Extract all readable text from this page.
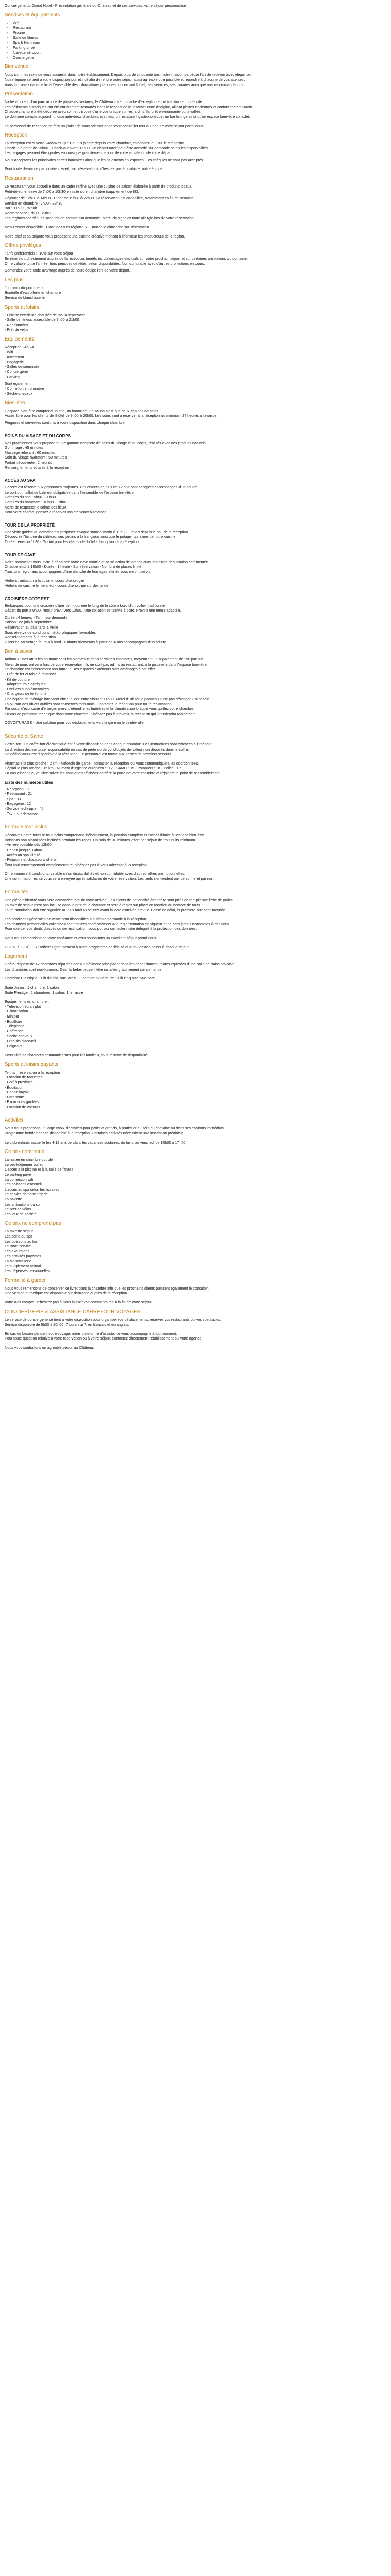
Conciergerie du Grand Hotel - Présentation générale du Château et de ses services, votre séjour personnalisé

Services et équipements
• Wifi
• Restaurant
• Piscine
• Salle de fitness
• Spa & Hammam
• Parking privé
• Navette aéroport
• Conciergerie
Bienvenue

Nous sommes ravis de vous accueillir dans notre établissement. Depuis plus de cinquante ans, notre maison perpétue l'art de recevoir avec élégance.

Notre équipe se tient à votre disposition jour et nuit afin de rendre votre séjour aussi agréable que possible et répondre à chacune de vos attentes.

Vous trouverez dans ce livret l'ensemble des informations pratiques concernant l'hôtel, ses services, ses horaires ainsi que nos recommandations.

Présentation

Niché au cœur d'un parc arboré de plusieurs hectares, le Château offre un cadre d'exception entre tradition et modernité.

Les bâtiments historiques ont été entièrement restaurés dans le respect de leur architecture d'origine, alliant pierres anciennes et confort contemporain.

Chaque chambre a été décorée avec soin et dispose d'une vue unique sur les jardins, la forêt environnante ou la vallée.

Le domaine compte aujourd'hui quarante-deux chambres et suites, un restaurant gastronomique, un bar lounge ainsi qu'un espace bien-être complet.

Le personnel de réception se fera un plaisir de vous orienter et de vous conseiller tout au long de votre séjour parmi nous.

Réception

La réception est ouverte 24h/24 et 7j/7. Pour la joindre depuis votre chambre, composez le 9 sur le téléphone.

Check-in à partir de 15h00 - Check-out avant 11h00. Un départ tardif peut être accordé sur demande selon les disponibilités.

Les bagages peuvent être gardés en consigne gratuitement le jour de votre arrivée ou de votre départ.

Nous acceptons les principales cartes bancaires ainsi que les paiements en espèces. Les chèques ne sont pas acceptés.

Pour toute demande particulière (réveil, taxi, réservation), n'hésitez pas à contacter notre équipe.

Restauration

Le restaurant vous accueille dans un cadre raffiné avec une cuisine de saison élaborée à partir de produits locaux.

Petit-déjeuner servi de 7h00 à 10h30 en salle ou en chambre (supplément de 8€).

Déjeuner de 12h00 à 14h00 - Dîner de 19h00 à 22h00. La réservation est conseillée, notamment en fin de semaine.

Service en chambre : 7h00 - 22h30

Bar : 11h00 - minuit

Room service : 7h00 - 23h00

Les régimes spécifiques sont pris en compte sur demande. Merci de signaler toute allergie lors de votre réservation.

Menu enfant disponible - Carte des vins régionaux - Brunch le dimanche sur réservation.

Notre chef et sa brigade vous proposent une cuisine créative mettant à l'honneur les producteurs de la région.

Offres privilèges

Tarifs préférentiels : -10% sur votre séjour

En réservant directement auprès de la réception, bénéficiez d'avantages exclusifs sur votre prochain séjour et sur certaines prestations du domaine.

Offre valable toute l'année, hors périodes de fêtes, selon disponibilités. Non cumulable avec d'autres promotions en cours.

Demandez votre code avantage auprès de notre équipe lors de votre départ.

Les plus

Journaux du jour offerts

Bouteille d'eau offerte en chambre

Service de blanchisserie

Sports et loisirs

- Piscine extérieure chauffée de mai à septembre

- Salle de fitness accessible de 7h00 à 21h00

- Randonnées

- Prêt de vélos

Equipements

Réception 24h/24

- Wifi

- Ascenseur

- Bagagerie

- Salles de séminaire

- Conciergerie

- Parking

Sont également :

- Coffre-fort en chambre

- Sèche-cheveux

Bien-être

L'espace bien-être comprend un spa, un hammam, un sauna ainsi que deux cabines de soins.

Accès libre pour les clients de l'hôtel de 9h00 à 20h00. Les soins sont à réserver à la réception au minimum 24 heures à l'avance.

Peignoirs et serviettes sont mis à votre disposition dans chaque chambre.

SOINS DU VISAGE ET DU CORPS

Nos praticiennes vous proposent une gamme complète de soins du visage et du corps, réalisés avec des produits naturels.

Gommage : 45 minutes

Massage relaxant : 60 minutes

Soin du visage hydratant : 50 minutes

Forfait découverte : 2 heures

Renseignements et tarifs à la réception

ACCÈS AU SPA

L'accès est réservé aux personnes majeures. Les enfants de plus de 12 ans sont acceptés accompagnés d'un adulte.

Le port du maillot de bain est obligatoire dans l'ensemble de l'espace bien-être.

Horaires du spa : 9h00 - 20h00

Horaires du hammam : 10h00 - 19h00

Merci de respecter le calme des lieux

Pour votre confort, pensez à réserver vos créneaux à l'avance.

TOUR DE LA PROPRIÉTÉ

Une visite guidée du domaine est proposée chaque samedi matin à 10h00. Départ depuis le hall de la réception.

Découvrez l'histoire du château, ses jardins à la française ainsi que le potager qui alimente notre cuisine.

Durée : environ 1h30 - Gratuit pour les clients de l'hôtel - Inscription à la réception.

TOUR DE CAVE

Notre sommelier vous invite à découvrir notre cave voûtée et sa sélection de grands crus lors d'une dégustation commentée.

Chaque jeudi à 18h00 - Durée : 1 heure - Sur réservation - Nombre de places limité.

Trois vins régionaux accompagnés d'une planche de fromages affinés vous seront servis.

Ateliers : initiation à la cuisine, cours d'œnologie

Ateliers de cuisine le mercredi - cours d'œnologie sur demande

CROISIÈRE COTE EST

Embarquez pour une croisière d'une demi-journée le long de la côte à bord d'un voilier traditionnel.

Départ du port à 9h00, retour prévu vers 13h00. Une collation est servie à bord. Prévoir une tenue adaptée.

Durée : 4 heures - Tarif : sur demande

Saison : de juin à septembre

Réservation au plus tard la veille

Sous réserve de conditions météorologiques favorables

Renseignements à la réception

Gilets de sauvetage fournis à bord - Enfants bienvenus à partir de 6 ans accompagnés d'un adulte.

Bon à savoir

Animaux : nos amis les animaux sont les bienvenus dans certaines chambres, moyennant un supplément de 15€ par nuit.

Merci de nous prévenir lors de votre réservation. Ils ne sont pas admis au restaurant, à la piscine ni dans l'espace bien-être.

Le domaine est entièrement non-fumeur. Des espaces extérieurs sont aménagés à cet effet.

- Prêt de fer et table à repasser

- Kit de couture

- Adaptateurs électriques

- Oreillers supplémentaires

- Chargeurs de téléphone

Une équipe de ménage intervient chaque jour entre 9h00 et 14h00. Merci d'utiliser le panneau « Ne pas déranger » si besoin.

La plupart des objets oubliés sont conservés trois mois. Contactez la réception pour toute réclamation.

Par souci d'économie d'énergie, merci d'éteindre les lumières et la climatisation lorsque vous quittez votre chambre.

En cas de problème technique dans votre chambre, n'hésitez pas à prévenir la réception qui interviendra rapidement.

COVOITURAGE - Une solution pour vos déplacements vers la gare ou le centre-ville.

Sécurité et Santé

Coffre-fort : un coffre-fort électronique est à votre disposition dans chaque chambre. Les instructions sont affichées à l'intérieur.

La direction décline toute responsabilité en cas de perte ou de vol d'objets de valeur non déposés dans le coffre.

Un défibrillateur est disponible à la réception. Le personnel est formé aux gestes de premiers secours.

Pharmacie la plus proche : 2 km - Médecin de garde : contacter la réception qui vous communiquera les coordonnées.

Hôpital le plus proche : 15 km - Numéro d'urgence européen : 112 - SAMU : 15 - Pompiers : 18 - Police : 17.

En cas d'incendie, veuillez suivre les consignes affichées derrière la porte de votre chambre et rejoindre le point de rassemblement.

Liste des numéros utiles

- Réception : 9

- Restaurant : 21

- Spa : 33

- Bagagerie : 12

- Service technique : 45

- Taxi : sur demande

Formule tout inclus

Découvrez notre formule tout inclus comprenant l'hébergement, la pension complète et l'accès illimité à l'espace bien-être.

Boissons non alcoolisées incluses pendant les repas. Un soin de 30 minutes offert par séjour de trois nuits minimum.

- Arrivée possible dès 12h00

- Départ jusqu'à 14h00

- Accès au spa illimité

- Peignoirs et chaussons offerts

Pour tout renseignement complémentaire, n'hésitez pas à vous adresser à la réception.

Offre soumise à conditions, valable selon disponibilités et non cumulable avec d'autres offres promotionnelles.

Une confirmation écrite vous sera envoyée après validation de votre réservation. Les tarifs s'entendent par personne et par nuit.

Formalités

Une pièce d'identité vous sera demandée lors de votre arrivée. Les clients de nationalité étrangère sont priés de remplir une fiche de police.

La taxe de séjour n'est pas incluse dans le prix de la chambre et sera à régler sur place en fonction du nombre de nuits.

Toute annulation doit être signalée au plus tard 48 heures avant la date d'arrivée prévue. Passé ce délai, la première nuit sera facturée.

Les conditions générales de vente sont disponibles sur simple demande à la réception.

Les données personnelles collectées sont traitées conformément à la réglementation en vigueur et ne sont jamais transmises à des tiers.

Pour exercer vos droits d'accès ou de rectification, vous pouvez contacter notre délégué à la protection des données.

Nous vous remercions de votre confiance et vous souhaitons un excellent séjour parmi nous.

CLIENTS FIDÈLES : adhérez gratuitement à notre programme de fidélité et cumulez des points à chaque séjour.

Logement

L'hôtel dispose de 42 chambres réparties dans le bâtiment principal et dans les dépendances, toutes équipées d'une salle de bains privative.

Les chambres sont non-fumeurs. Des lits bébé peuvent être installés gratuitement sur demande.

Chambre Classique : 1 lit double, vue jardin - Chambre Supérieure : 1 lit king size, vue parc.

Suite Junior : 1 chambre, 1 salon

Suite Prestige : 2 chambres, 1 salon, 1 terrasse

Équipements en chambre :

- Télévision écran plat

- Climatisation

- Minibar

- Bouilloire

- Téléphone

- Coffre-fort

- Sèche-cheveux

- Produits d'accueil

- Peignoirs

Possibilité de chambres communicantes pour les familles, sous réserve de disponibilité.

Sports et loisirs payants

Tennis : réservation à la réception

- Location de raquettes

- Golf à proximité

- Équitation

- Canoë-kayak

- Parapente

- Excursions guidées

- Location de voitures

Activités

Nous vous proposons un large choix d'activités pour petits et grands, à pratiquer au sein du domaine ou dans ses environs immédiats.

Programme hebdomadaire disponible à la réception. Certaines activités nécessitent une inscription préalable.

Le club enfants accueille les 4-12 ans pendant les vacances scolaires, du lundi au vendredi de 10h00 à 17h00.

Ce prix comprend

La nuitée en chambre double

Le petit-déjeuner buffet

L'accès à la piscine et à la salle de fitness

Le parking privé

La connexion wifi

Les boissons d'accueil

L'accès au spa selon les horaires

Le service de conciergerie

La navette

Les animations du soir

Le prêt de vélos

Les jeux de société

Ce prix ne comprend pas

La taxe de séjour

Les soins au spa

Les boissons au bar

Le room service

Les excursions

Les activités payantes

La blanchisserie

Le supplément animal

Les dépenses personnelles

Formalité à garder

Nous vous remercions de conserver ce livret dans la chambre afin que les prochains clients puissent également le consulter.

Une version numérique est disponible sur demande auprès de la réception.

Votre avis compte : n'hésitez pas à nous laisser vos commentaires à la fin de votre séjour.

CONCIERGERIE & ASSISTANCE CARREFOUR VOYAGES

Le service de conciergerie se tient à votre disposition pour organiser vos déplacements, réserver vos restaurants ou vos spectacles.

Service disponible de 8h00 à 20h00, 7 jours sur 7, en français et en anglais.

En cas de besoin pendant votre voyage, notre plateforme d'assistance vous accompagne à tout moment.

Pour toute question relative à votre réservation ou à votre séjour, contactez directement l'établissement ou votre agence.

Nous vous souhaitons un agréable séjour au Château.
